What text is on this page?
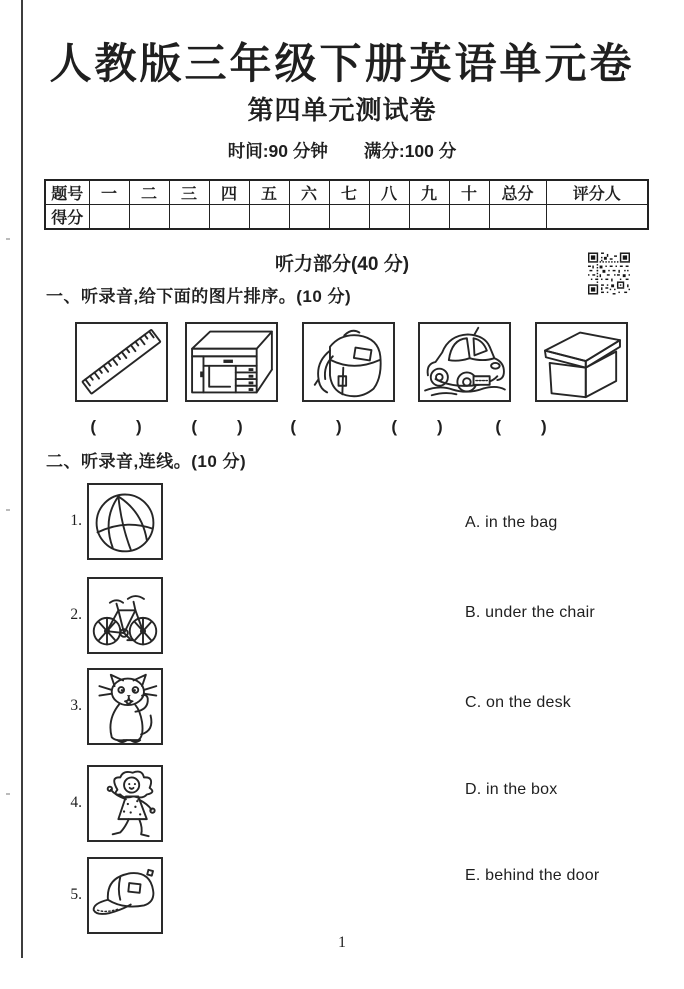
人教版三年级下册英语单元卷
第四单元测试卷
时间:90 分钟 满分:100 分
题号	一	二	三	四	五	六	七	八	九	十	总分	评分人
得分												
听力部分(40 分)
一、听录音,给下面的图片排序。(10 分)
(　　)	(　　)	(　　)	(　　)	(　　)
二、听录音,连线。(10 分)
1.
2.
3.
4.
5.
A. in the bag
B. under the chair
C. on the desk
D. in the box
E. behind the door
1
